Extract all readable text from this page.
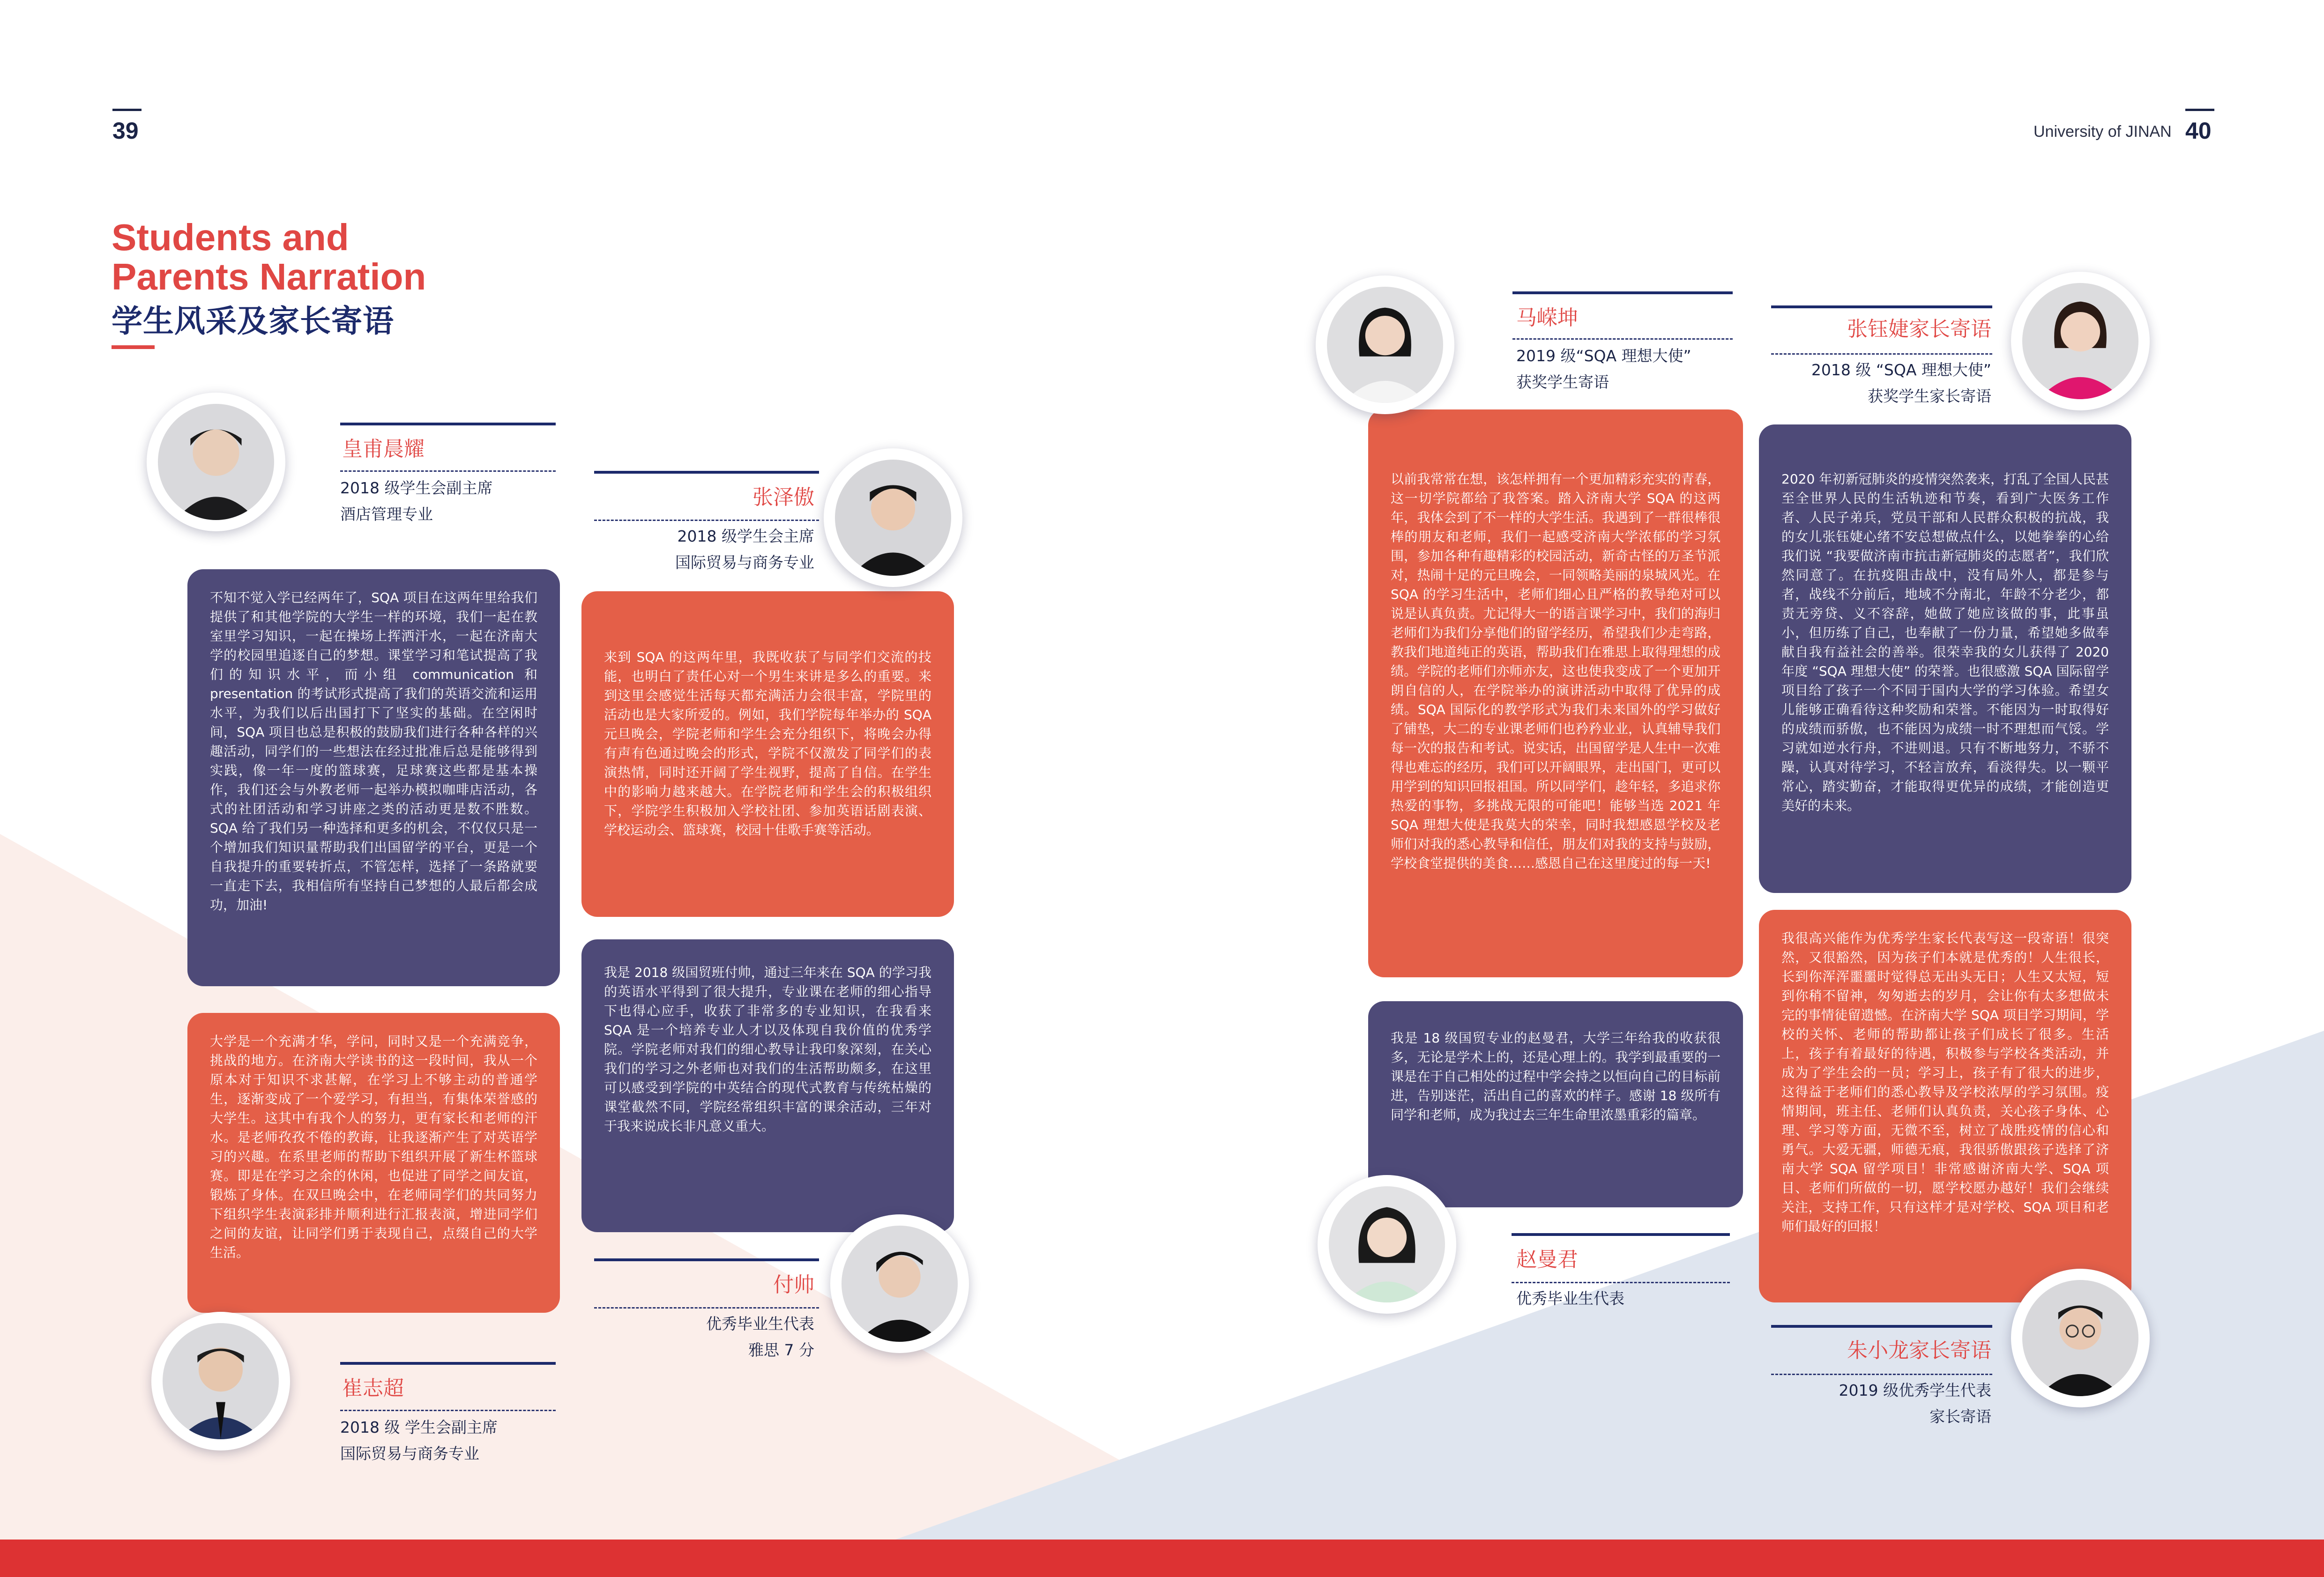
39	University of JINAN 40
Students and
Parents Narration
学生风采及家长寄语
不知不觉入学已经两年了，SQA 项目在这两年里给我们提供了和其他学院的大学生一样的环境，我们一起在教室里学习知识，一起在操场上挥洒汗水，一起在济南大学的校园里追逐自己的梦想。课堂学习和笔试提高了我们的知识水平，而小组 communication 和 presentation 的考试形式提高了我们的英语交流和运用水平，为我们以后出国打下了坚实的基础。在空闲时间，SQA 项目也总是积极的鼓励我们进行各种各样的兴趣活动，同学们的一些想法在经过批准后总是能够得到实践，像一年一度的篮球赛，足球赛这些都是基本操作，我们还会与外教老师一起举办模拟咖啡店活动，各式的社团活动和学习讲座之类的活动更是数不胜数。SQA 给了我们另一种选择和更多的机会，不仅仅只是一个增加我们知识量帮助我们出国留学的平台，更是一个自我提升的重要转折点，不管怎样，选择了一条路就要一直走下去，我相信所有坚持自己梦想的人最后都会成功，加油!
皇甫晨耀
2018 级学生会副主席
酒店管理专业
大学是一个充满才华，学问，同时又是一个充满竞争，挑战的地方。在济南大学读书的这一段时间，我从一个原本对于知识不求甚解，在学习上不够主动的普通学生，逐渐变成了一个爱学习，有担当，有集体荣誉感的大学生。这其中有我个人的努力，更有家长和老师的汗水。是老师孜孜不倦的教诲，让我逐渐产生了对英语学习的兴趣。在系里老师的帮助下组织开展了新生杯篮球赛。即是在学习之余的休闲，也促进了同学之间友谊，锻炼了身体。在双旦晚会中，在老师同学们的共同努力下组织学生表演彩排并顺利进行汇报表演，增进同学们之间的友谊，让同学们勇于表现自己，点缀自己的大学生活。
崔志超
2018 级 学生会副主席
国际贸易与商务专业
来到 SQA 的这两年里，我既收获了与同学们交流的技能，也明白了责任心对一个男生来讲是多么的重要。来到这里会感觉生活每天都充满活力会很丰富，学院里的活动也是大家所爱的。例如，我们学院每年举办的 SQA 元旦晚会，学院老师和学生会充分组织下，将晚会办得有声有色通过晚会的形式，学院不仅激发了同学们的表演热情，同时还开阔了学生视野，提高了自信。在学生中的影响力越来越大。在学院老师和学生会的积极组织下，学院学生积极加入学校社团、参加英语话剧表演、学校运动会、篮球赛，校园十佳歌手赛等活动。
张泽傲
2018 级学生会主席
国际贸易与商务专业
我是 2018 级国贸班付帅，通过三年来在 SQA 的学习我的英语水平得到了很大提升，专业课在老师的细心指导下也得心应手，收获了非常多的专业知识，在我看来 SQA 是一个培养专业人才以及体现自我价值的优秀学院。学院老师对我们的细心教导让我印象深刻，在关心我们的学习之外老师也对我们的生活帮助颇多，在这里可以感受到学院的中英结合的现代式教育与传统枯燥的课堂截然不同，学院经常组织丰富的课余活动，三年对于我来说成长非凡意义重大。
付帅
优秀毕业生代表
雅思 7 分
以前我常常在想，该怎样拥有一个更加精彩充实的青春，这一切学院都给了我答案。踏入济南大学 SQA 的这两年，我体会到了不一样的大学生活。我遇到了一群很棒很棒的朋友和老师，我们一起感受济南大学浓郁的学习氛围，参加各种有趣精彩的校园活动，新奇古怪的万圣节派对，热闹十足的元旦晚会，一同领略美丽的泉城风光。在 SQA 的学习生活中，老师们细心且严格的教导绝对可以说是认真负责。尤记得大一的语言课学习中，我们的海归老师们为我们分享他们的留学经历，希望我们少走弯路，教我们地道纯正的英语，帮助我们在雅思上取得理想的成绩。学院的老师们亦师亦友，这也使我变成了一个更加开朗自信的人，在学院举办的演讲活动中取得了优异的成绩。SQA 国际化的教学形式为我们未来国外的学习做好了铺垫，大二的专业课老师们也矜矜业业，认真辅导我们每一次的报告和考试。说实话，出国留学是人生中一次难得也难忘的经历，我们可以开阔眼界，走出国门，更可以用学到的知识回报祖国。所以同学们，趁年轻，多追求你热爱的事物，多挑战无限的可能吧！能够当选 2021 年 SQA 理想大使是我莫大的荣幸，同时我想感恩学校及老师们对我的悉心教导和信任，朋友们对我的支持与鼓励，学校食堂提供的美食……感恩自己在这里度过的每一天!
马嵘坤
2019 级“SQA 理想大使”
获奖学生寄语
我是 18 级国贸专业的赵曼君，大学三年给我的收获很多，无论是学术上的，还是心理上的。我学到最重要的一课是在于自己相处的过程中学会持之以恒向自己的目标前进，告别迷茫，活出自己的喜欢的样子。感谢 18 级所有同学和老师，成为我过去三年生命里浓墨重彩的篇章。
赵曼君
优秀毕业生代表
2020 年初新冠肺炎的疫情突然袭来，打乱了全国人民甚至全世界人民的生活轨迹和节奏，看到广大医务工作者、人民子弟兵，党员干部和人民群众积极的抗战，我的女儿张钰婕心绪不安总想做点什么，以她拳拳的心给我们说 “我要做济南市抗击新冠肺炎的志愿者”，我们欣然同意了。在抗疫阻击战中，没有局外人，都是参与者，战线不分前后，地域不分南北，年龄不分老少，都责无旁贷、义不容辞，她做了她应该做的事，此事虽小，但历练了自己，也奉献了一份力量，希望她多做奉献自我有益社会的善举。很荣幸我的女儿获得了 2020 年度 “SQA 理想大使” 的荣誉。也很感激 SQA 国际留学项目给了孩子一个不同于国内大学的学习体验。希望女儿能够正确看待这种奖励和荣誉。不能因为一时取得好的成绩而骄傲，也不能因为成绩一时不理想而气馁。学习就如逆水行舟，不进则退。只有不断地努力，不骄不躁，认真对待学习，不轻言放弃，看淡得失。以一颗平常心，踏实勤奋，才能取得更优异的成绩，才能创造更美好的未来。
张钰婕家长寄语
2018 级 “SQA 理想大使”
获奖学生家长寄语
我很高兴能作为优秀学生家长代表写这一段寄语！很突然，又很豁然，因为孩子们本就是优秀的！人生很长，长到你浑浑噩噩时觉得总无出头无日；人生又太短，短到你稍不留神，匆匆逝去的岁月，会让你有太多想做未完的事情徒留遗憾。在济南大学 SQA 项目学习期间，学校的关怀、老师的帮助都让孩子们成长了很多。生活上，孩子有着最好的待遇，积极参与学校各类活动，并成为了学生会的一员；学习上，孩子有了很大的进步，这得益于老师们的悉心教导及学校浓厚的学习氛围。疫情期间，班主任、老师们认真负责，关心孩子身体、心理、学习等方面，无微不至，树立了战胜疫情的信心和勇气。大爱无疆，师德无痕，我很骄傲跟孩子选择了济南大学 SQA 留学项目！非常感谢济南大学、SQA 项目、老师们所做的一切，愿学校愿办越好！我们会继续关注，支持工作，只有这样才是对学校、SQA 项目和老师们最好的回报！
朱小龙家长寄语
2019 级优秀学生代表
家长寄语
